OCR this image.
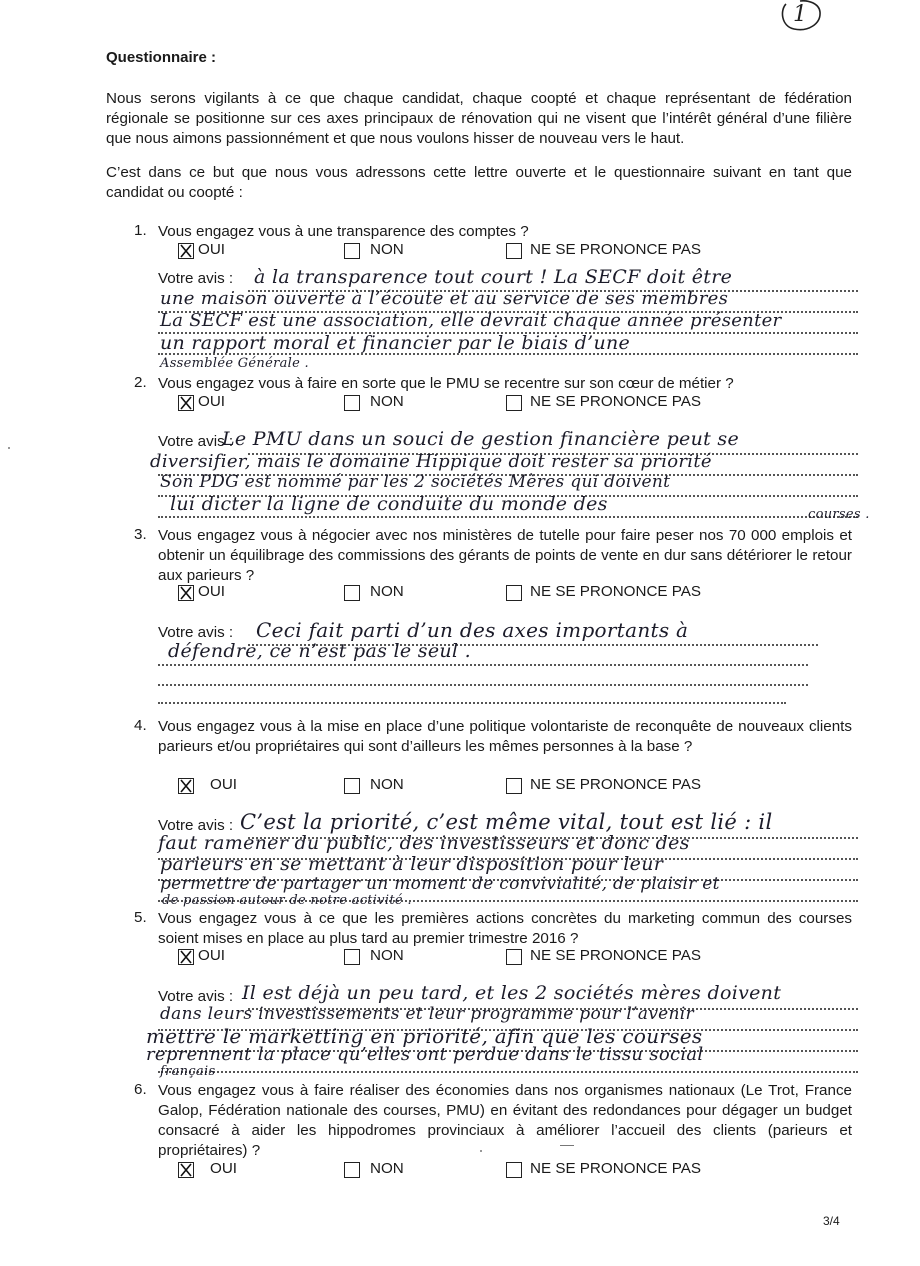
1
Questionnaire :
Nous serons vigilants à ce que chaque candidat, chaque coopté et chaque représentant de fédération régionale se positionne sur ces axes principaux de rénovation qui ne visent que l’intérêt général d’une filière que nous aimons passionnément et que nous voulons hisser de nouveau vers le haut.
C’est dans ce but que nous vous adressons cette lettre ouverte et le questionnaire suivant en tant que candidat ou coopté :
1. Vous engagez vous à une transparence des comptes ?
OUI	NON	NE SE PRONONCE PAS
Votre avis : à la transparence tout court ! La SECF doit être
une maison ouverte à l’écoute et au service de ses membres
La SECF est une association, elle devrait chaque année présenter
un rapport moral et financier par le biais d’une
Assemblée Générale .
2. Vous engagez vous à faire en sorte que le PMU se recentre sur son cœur de métier ?
OUI	NON	NE SE PRONONCE PAS
Votre avis :
Le PMU dans un souci de gestion financière peut se
diversifier, mais le domaine Hippique doit rester sa priorité
Son PDG est nommé par les 2 sociétés Mères qui doivent
lui dicter la ligne de conduite du monde des	courses .
3. Vous engagez vous à négocier avec nos ministères de tutelle pour faire peser nos 70 000 emplois et obtenir un équilibrage des commissions des gérants de points de vente en dur sans détériorer le retour aux parieurs ?
OUI	NON	NE SE PRONONCE PAS
Votre avis : Ceci fait parti d’un des axes importants à
défendre, ce n’est pas le seul .
4. Vous engagez vous à la mise en place d’une politique volontariste de reconquête de nouveaux clients parieurs et/ou propriétaires qui sont d’ailleurs les mêmes personnes à la base ?
OUI	NON	NE SE PRONONCE PAS
Votre avis : C’est la priorité, c’est même vital, tout est lié : il
faut ramener du public, des investisseurs et donc des
parieurs en se mettant à leur disposition pour leur
permettre de partager un moment de convivialité, de plaisir et
de passion autour de notre activité .
5. Vous engagez vous à ce que les premières actions concrètes du marketing commun des courses soient mises en place au plus tard au premier trimestre 2016 ?
OUI	NON	NE SE PRONONCE PAS
Votre avis : Il est déjà un peu tard, et les 2 sociétés mères doivent
dans leurs investissements et leur programme pour l’avenir
mettre le marketting en priorité, afin que les courses
reprennent la place qu’elles ont perdue dans le tissu social
français
6. Vous engagez vous à faire réaliser des économies dans nos organismes nationaux (Le Trot, France Galop, Fédération nationale des courses, PMU) en évitant des redondances pour dégager un budget consacré à aider les hippodromes provinciaux à améliorer l’accueil des clients (parieurs et propriétaires) ?
OUI	NON	NE SE PRONONCE PAS
3/4
